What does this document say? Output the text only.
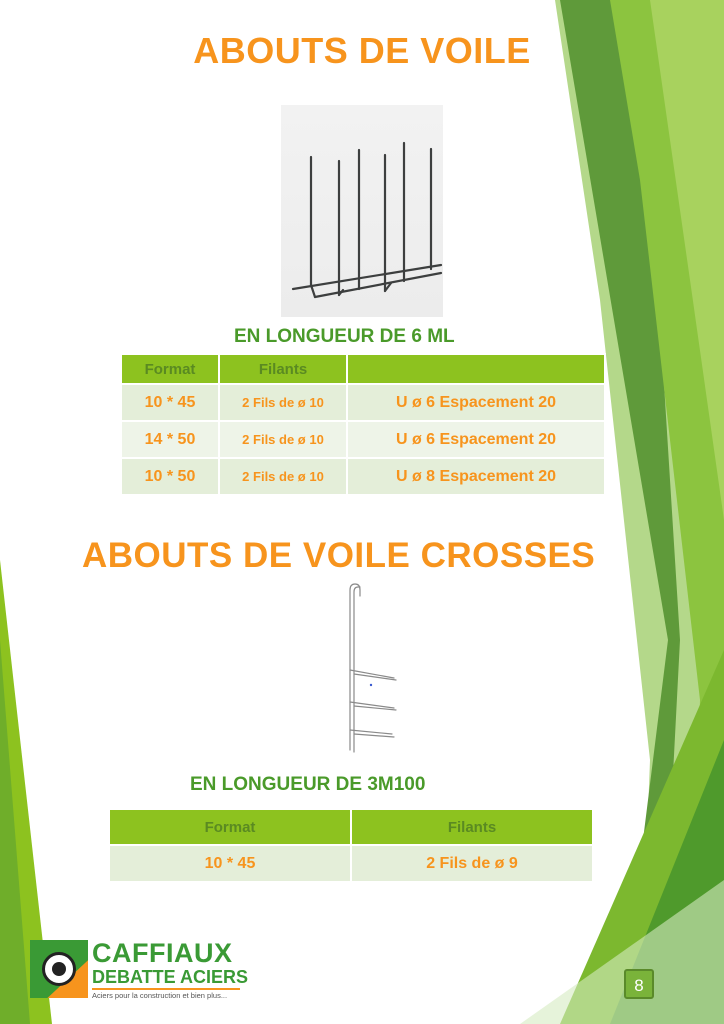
ABOUTS DE VOILE
EN LONGUEUR DE 6 ML
Format	Filants	
10 * 45	2 Fils de ø 10	U ø 6 Espacement 20
14 * 50	2 Fils de ø 10	U ø 6 Espacement 20
10 * 50	2 Fils de ø 10	U ø 8 Espacement 20
ABOUTS DE VOILE CROSSES
EN LONGUEUR DE 3M100
Format	Filants
10 * 45	2 Fils de ø 9
CAFFIAUX
DEBATTE ACIERS
Aciers pour la construction et bien plus...
8
